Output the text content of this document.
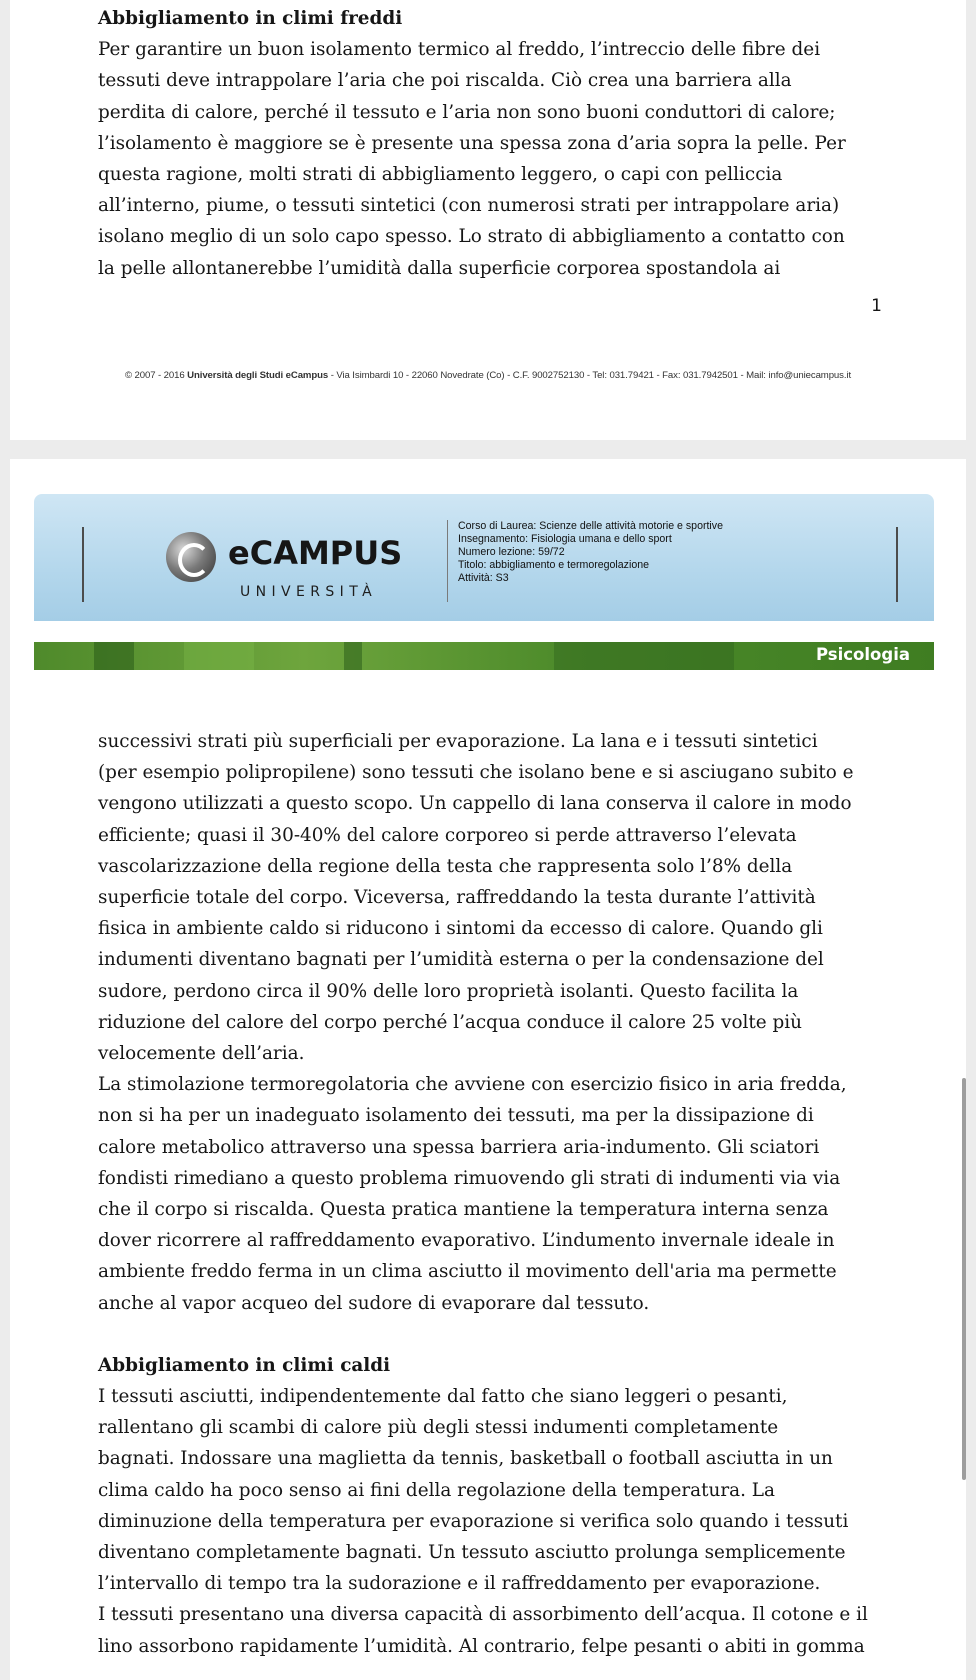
Abbigliamento in climi freddi
Per garantire un buon isolamento termico al freddo, l’intreccio delle fibre dei
tessuti deve intrappolare l’aria che poi riscalda. Ciò crea una barriera alla
perdita di calore, perché il tessuto e l’aria non sono buoni conduttori di calore;
l’isolamento è maggiore se è presente una spessa zona d’aria sopra la pelle. Per
questa ragione, molti strati di abbigliamento leggero, o capi con pelliccia
all’interno, piume, o tessuti sintetici (con numerosi strati per intrappolare aria)
isolano meglio di un solo capo spesso. Lo strato di abbigliamento a contatto con
la pelle allontanerebbe l’umidità dalla superficie corporea spostandola ai
1
© 2007 - 2016 Università degli Studi eCampus - Via Isimbardi 10 - 22060 Novedrate (Co) - C.F. 9002752130 - Tel: 031.79421 - Fax: 031.7942501 - Mail: info@uniecampus.it
eCAMPUS
UNIVERSITÀ
Corso di Laurea: Scienze delle attività motorie e sportive
Insegnamento: Fisiologia umana e dello sport
Numero lezione: 59/72
Titolo: abbigliamento e termoregolazione
Attività: S3
Psicologia
successivi strati più superficiali per evaporazione. La lana e i tessuti sintetici
(per esempio polipropilene) sono tessuti che isolano bene e si asciugano subito e
vengono utilizzati a questo scopo. Un cappello di lana conserva il calore in modo
efficiente; quasi il 30-40% del calore corporeo si perde attraverso l’elevata
vascolarizzazione della regione della testa che rappresenta solo l’8% della
superficie totale del corpo. Viceversa, raffreddando la testa durante l’attività
fisica in ambiente caldo si riducono i sintomi da eccesso di calore. Quando gli
indumenti diventano bagnati per l’umidità esterna o per la condensazione del
sudore, perdono circa il 90% delle loro proprietà isolanti. Questo facilita la
riduzione del calore del corpo perché l’acqua conduce il calore 25 volte più
velocemente dell’aria.
La stimolazione termoregolatoria che avviene con esercizio fisico in aria fredda,
non si ha per un inadeguato isolamento dei tessuti, ma per la dissipazione di
calore metabolico attraverso una spessa barriera aria-indumento. Gli sciatori
fondisti rimediano a questo problema rimuovendo gli strati di indumenti via via
che il corpo si riscalda. Questa pratica mantiene la temperatura interna senza
dover ricorrere al raffreddamento evaporativo. L’indumento invernale ideale in
ambiente freddo ferma in un clima asciutto il movimento dell'aria ma permette
anche al vapor acqueo del sudore di evaporare dal tessuto.
Abbigliamento in climi caldi
I tessuti asciutti, indipendentemente dal fatto che siano leggeri o pesanti,
rallentano gli scambi di calore più degli stessi indumenti completamente
bagnati. Indossare una maglietta da tennis, basketball o football asciutta in un
clima caldo ha poco senso ai fini della regolazione della temperatura. La
diminuzione della temperatura per evaporazione si verifica solo quando i tessuti
diventano completamente bagnati. Un tessuto asciutto prolunga semplicemente
l’intervallo di tempo tra la sudorazione e il raffreddamento per evaporazione.
I tessuti presentano una diversa capacità di assorbimento dell’acqua. Il cotone e il
lino assorbono rapidamente l’umidità. Al contrario, felpe pesanti o abiti in gomma
